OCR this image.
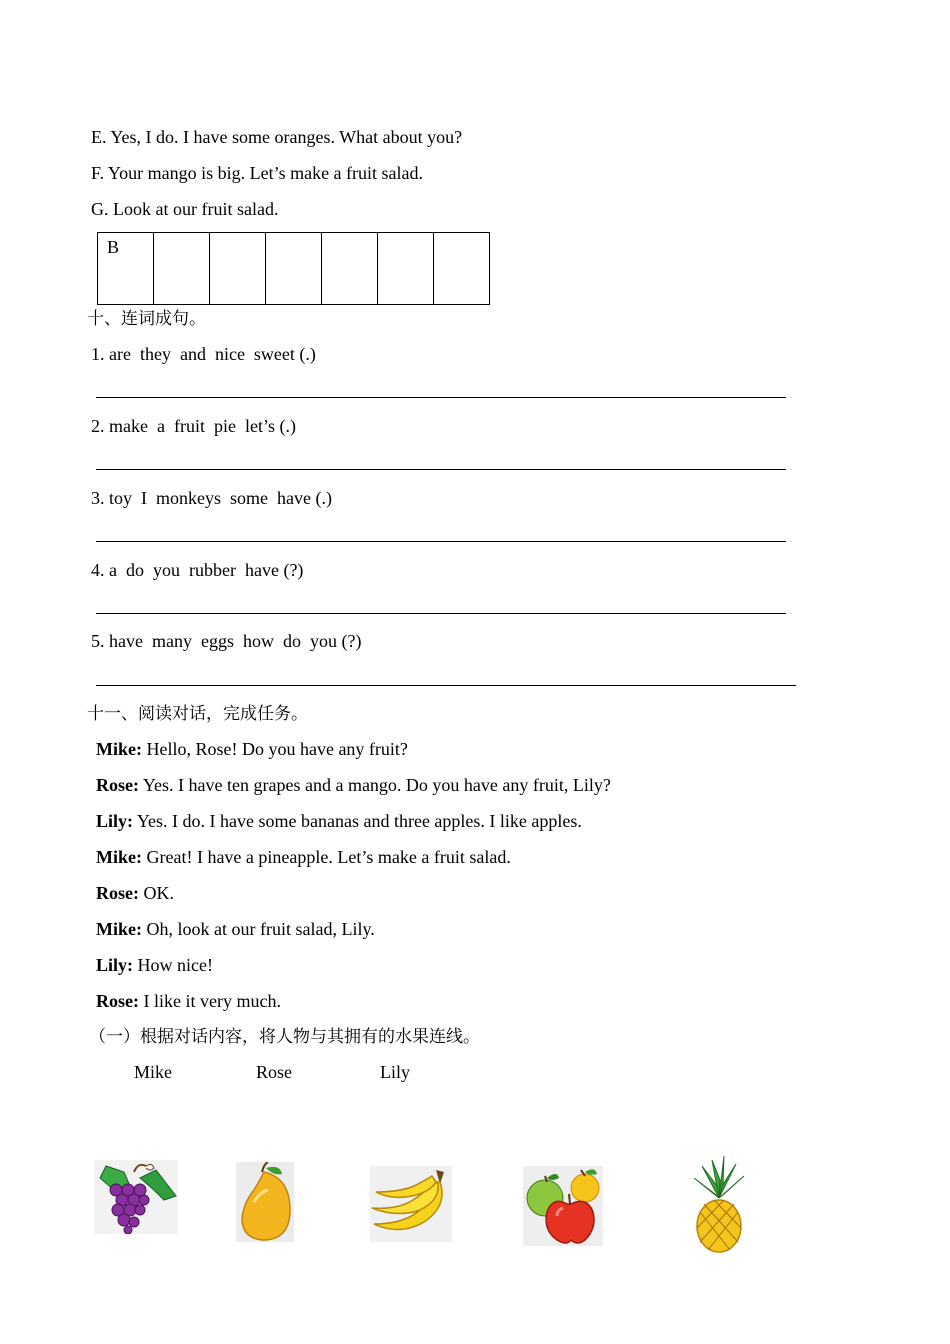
E. Yes, I do. I have some oranges. What about you?
F. Your mango is big. Let’s make a fruit salad.
G. Look at our fruit salad.
B

十、连词成句。
1. are  they  and  nice  sweet (.)
2. make  a  fruit  pie  let’s (.)
3. toy  I  monkeys  some  have (.)
4. a  do  you  rubber  have (?)
5. have  many  eggs  how  do  you (?)
十一、阅读对话，完成任务。
Mike: Hello, Rose! Do you have any fruit?
Rose: Yes. I have ten grapes and a mango. Do you have any fruit, Lily?
Lily: Yes. I do. I have some bananas and three apples. I like apples.
Mike: Great! I have a pineapple. Let’s make a fruit salad.
Rose: OK.
Mike: Oh, look at our fruit salad, Lily.
Lily: How nice!
Rose: I like it very much.
（一）根据对话内容，将人物与其拥有的水果连线。
Mike	Rose	Lily
